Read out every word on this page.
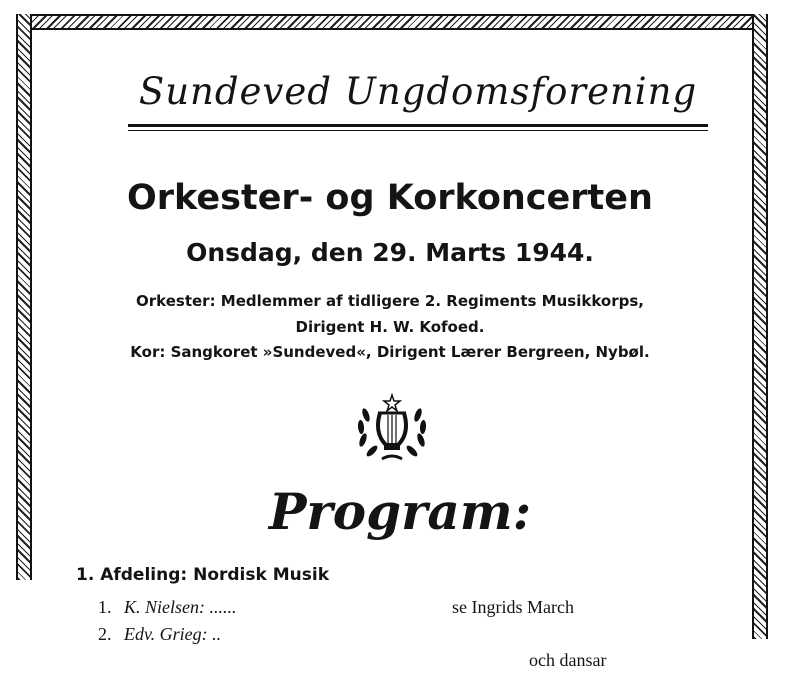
Sundeved Ungdomsforening
Orkester- og Korkoncerten
Onsdag, den 29. Marts 1944.
Orkester: Medlemmer af tidligere 2. Regiments Musikkorps,
Dirigent H. W. Kofoed.
Kor: Sangkoret »Sundeved«, Dirigent Lærer Bergreen, Nybøl.
Program:
1. Afdeling: Nordisk Musik
1. K. Nielsen: ......	se Ingrids March
2. Edv. Grieg: ..
och dansar
